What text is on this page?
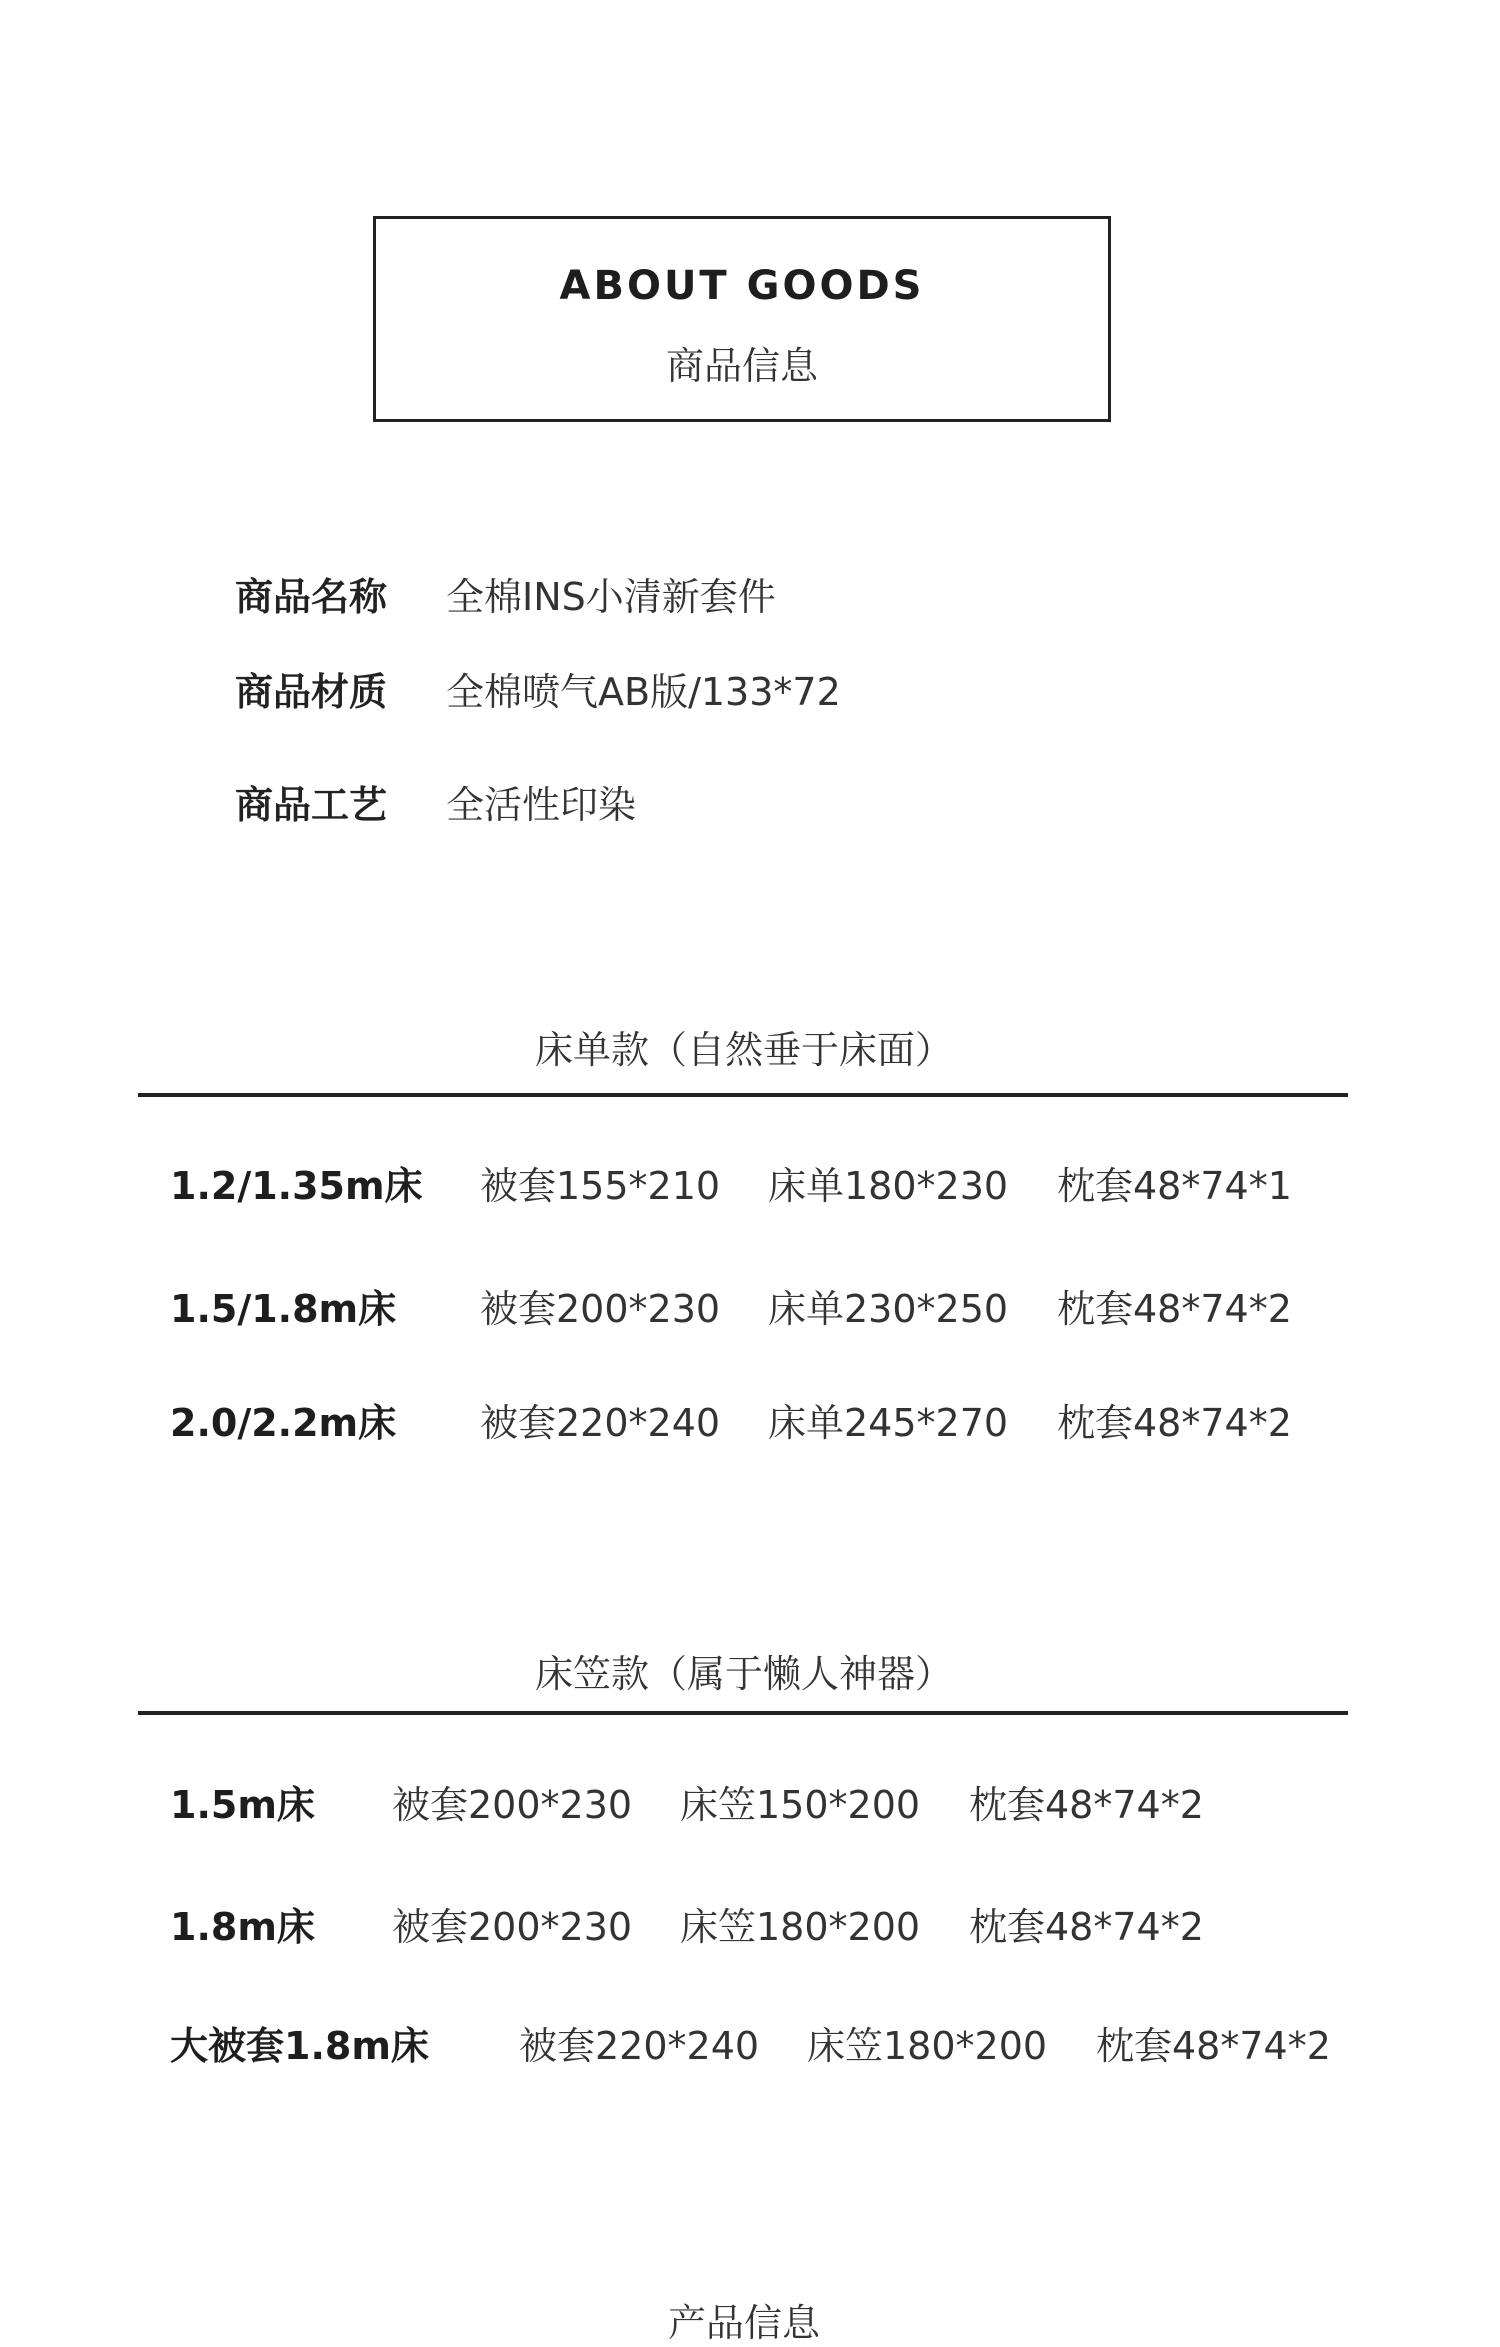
ABOUT GOODS
商品信息
商品名称 全棉INS小清新套件
商品材质 全棉喷气AB版/133*72
商品工艺 全活性印染
床单款（自然垂于床面）
1.2/1.35m床 被套155*210 床单180*230 枕套48*74*1
1.5/1.8m床 被套200*230 床单230*250 枕套48*74*2
2.0/2.2m床 被套220*240 床单245*270 枕套48*74*2
床笠款（属于懒人神器）
1.5m床 被套200*230 床笠150*200 枕套48*74*2
1.8m床 被套200*230 床笠180*200 枕套48*74*2
大被套1.8m床 被套220*240 床笠180*200 枕套48*74*2
产品信息
